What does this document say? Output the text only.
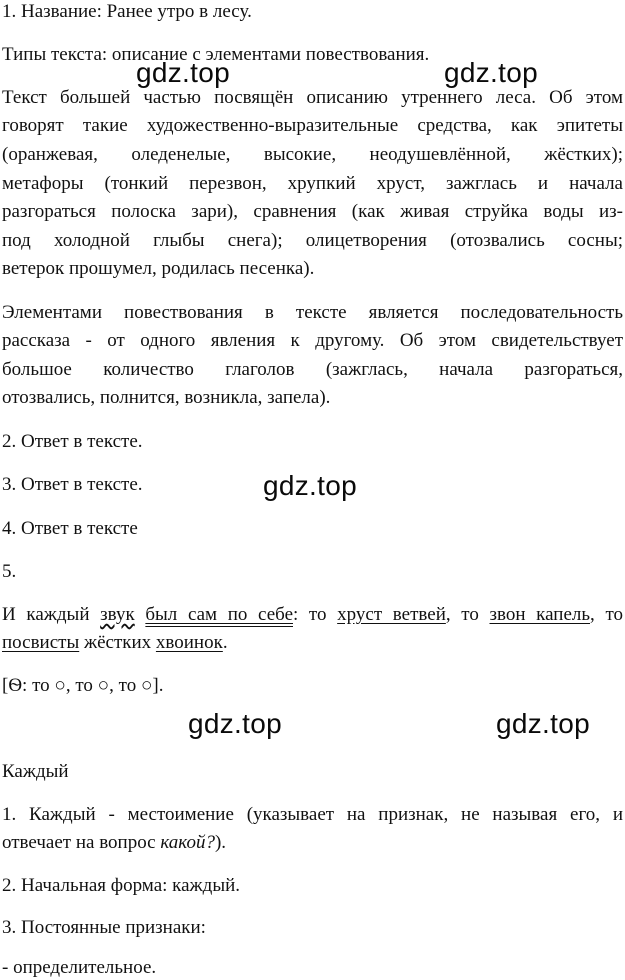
1. Название: Ранее утро в лесу.
Типы текста: описание с элементами повествования.
Текст большей частью посвящён описанию утреннего леса. Об этом
говорят такие художественно-выразительные средства, как эпитеты
(оранжевая, оледенелые, высокие, неодушевлённой, жёстких);
метафоры (тонкий перезвон, хрупкий хруст, зажглась и начала
разгораться полоска зари), сравнения (как живая струйка воды из-
под холодной глыбы снега); олицетворения (отозвались сосны;
ветерок прошумел, родилась песенка).
Элементами повествования в тексте является последовательность
рассказа - от одного явления к другому. Об этом свидетельствует
большое количество глаголов (зажглась, начала разгораться,
отозвались, полнится, возникла, запела).
2. Ответ в тексте.
3. Ответ в тексте.
4. Ответ в тексте
5.
И каждый звук был сам по себе: то хруст ветвей, то звон капель, то
посвисты жёстких хвоинок.
[Ѳ: то ○, то ○, то ○].
Каждый
1. Каждый - местоимение (указывает на признак, не называя его, и
отвечает на вопрос какой?).
2. Начальная форма: каждый.
3. Постоянные признаки:
- определительное.
gdz.top	gdz.top
gdz.top
gdz.top	gdz.top
